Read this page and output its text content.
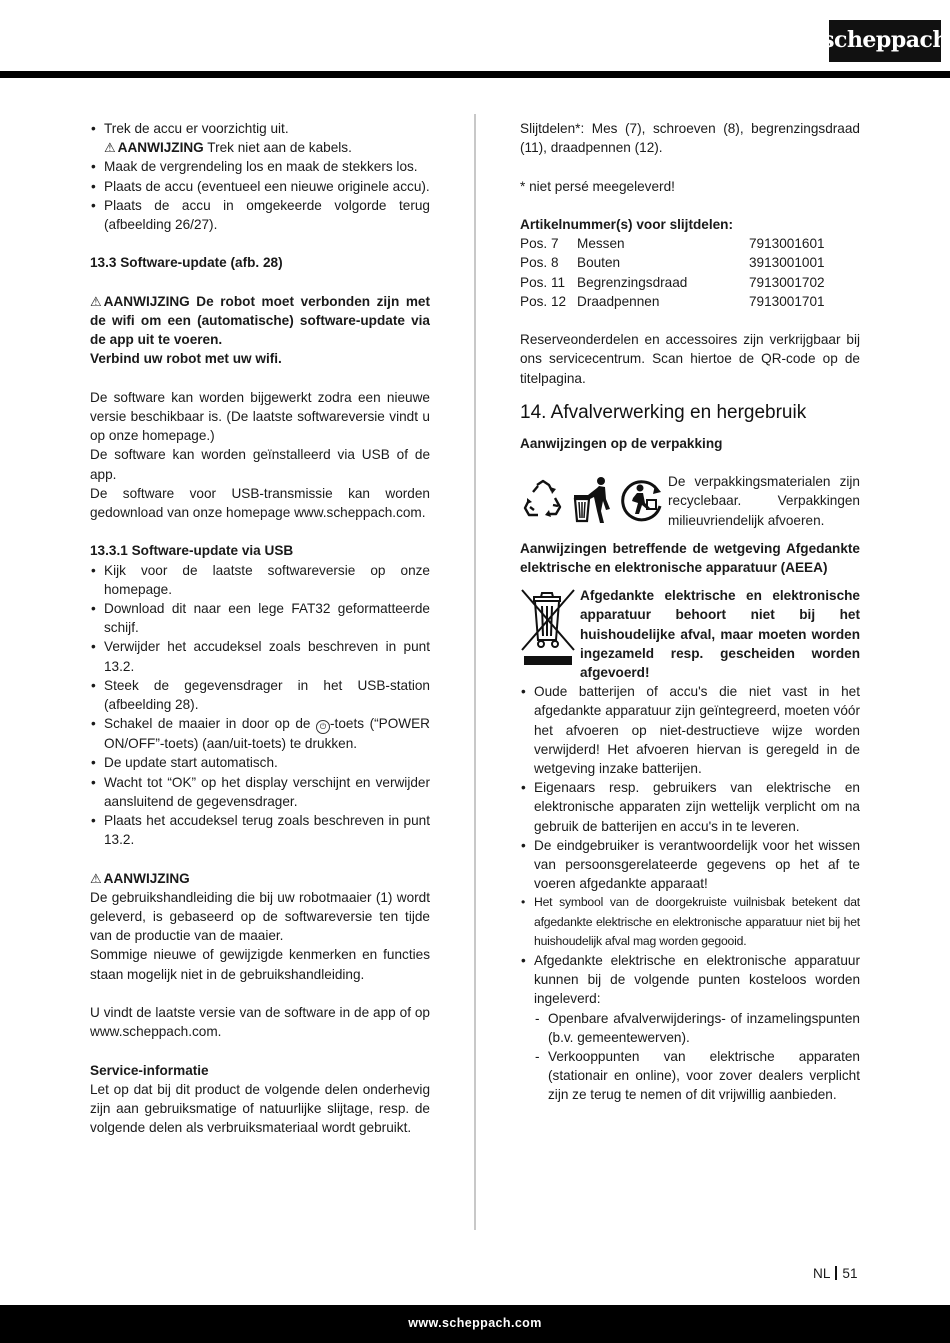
scheppach
• Trek de accu er voorzichtig uit.

⚠ AANWIJZING Trek niet aan de kabels.

• Maak de vergrendeling los en maak de stekkers los.
• Plaats de accu (eventueel een nieuwe originele accu).
• Plaats de accu in omgekeerde volgorde terug (afbeelding 26/27).

13.3 Software-update (afb. 28)

⚠ AANWIJZING De robot moet verbonden zijn met de wifi om een (automatische) software-update via de app uit te voeren.

Verbind uw robot met uw wifi.

De software kan worden bijgewerkt zodra een nieuwe versie beschikbaar is. (De laatste softwareversie vindt u op onze homepage.)

De software kan worden geïnstalleerd via USB of de app.

De software voor USB-transmissie kan worden gedownload van onze homepage www.scheppach.com.

13.3.1 Software-update via USB

• Kijk voor de laatste softwareversie op onze homepage.
• Download dit naar een lege FAT32 geformatteerde schijf.
• Verwijder het accudeksel zoals beschreven in punt 13.2.
• Steek de gegevensdrager in het USB-station (afbeelding 28).
• Schakel de maaier in door op de ⏻ -toets (“POWER ON/OFF”-toets) (aan/uit-toets) te drukken.
• De update start automatisch.
• Wacht tot “OK” op het display verschijnt en verwijder aansluitend de gegevensdrager.
• Plaats het accudeksel terug zoals beschreven in punt 13.2.

⚠ AANWIJZING

De gebruikshandleiding die bij uw robotmaaier (1) wordt geleverd, is gebaseerd op de softwareversie ten tijde van de productie van de maaier.

Sommige nieuwe of gewijzigde kenmerken en functies staan mogelijk niet in de gebruikshandleiding.

U vindt de laatste versie van de software in de app of op www.scheppach.com.

Service-informatie

Let op dat bij dit product de volgende delen onderhevig zijn aan gebruiksmatige of natuurlijke slijtage, resp. de volgende delen als verbruiksmateriaal wordt gebruikt.

Slijtdelen*: Mes (7), schroeven (8), begrenzingsdraad (11), draadpennen (12).

* niet persé meegeleverd!

Artikelnummer(s) voor slijtdelen:

Pos. 7	Messen	7913001601
Pos. 8	Bouten	3913001001
Pos. 11	Begrenzingsdraad	7913001702
Pos. 12	Draadpennen	7913001701

Reserveonderdelen en accessoires zijn verkrijgbaar bij ons servicecentrum. Scan hiertoe de QR-code op de titelpagina.

14. Afvalverwerking en hergebruik

Aanwijzingen op de verpakking

De verpakkingsmaterialen zijn recyclebaar. Verpakkingen milieuvriendelijk afvoeren.

Aanwijzingen betreffende de wetgeving Afgedankte elektrische en elektronische apparatuur (AEEA)

Afgedankte elektrische en elektronische apparatuur behoort niet bij het huishoudelijke afval, maar moeten worden ingezameld resp. gescheiden worden afgevoerd!
• Oude batterijen of accu's die niet vast in het afgedankte apparatuur zijn geïntegreerd, moeten vóór het afvoeren op niet-destructieve wijze worden verwijderd! Het afvoeren hiervan is geregeld in de wetgeving inzake batterijen.
• Eigenaars resp. gebruikers van elektrische en elektronische apparaten zijn wettelijk verplicht om na gebruik de batterijen en accu's in te leveren.
• De eindgebruiker is verantwoordelijk voor het wissen van persoonsgerelateerde gegevens op het af te voeren afgedankte apparaat!
• Het symbool van de doorgekruiste vuilnisbak betekent dat afgedankte elektrische en elektronische apparatuur niet bij het huishoudelijk afval mag worden gegooid.
• Afgedankte elektrische en elektronische apparatuur kunnen bij de volgende punten kosteloos worden ingeleverd:
- Openbare afvalverwijderings- of inzamelingspunten (b.v. gemeentewerven).
- Verkooppunten van elektrische apparaten (stationair en online), voor zover dealers verplicht zijn ze terug te nemen of dit vrijwillig aanbieden.
NL 51
www.scheppach.com
